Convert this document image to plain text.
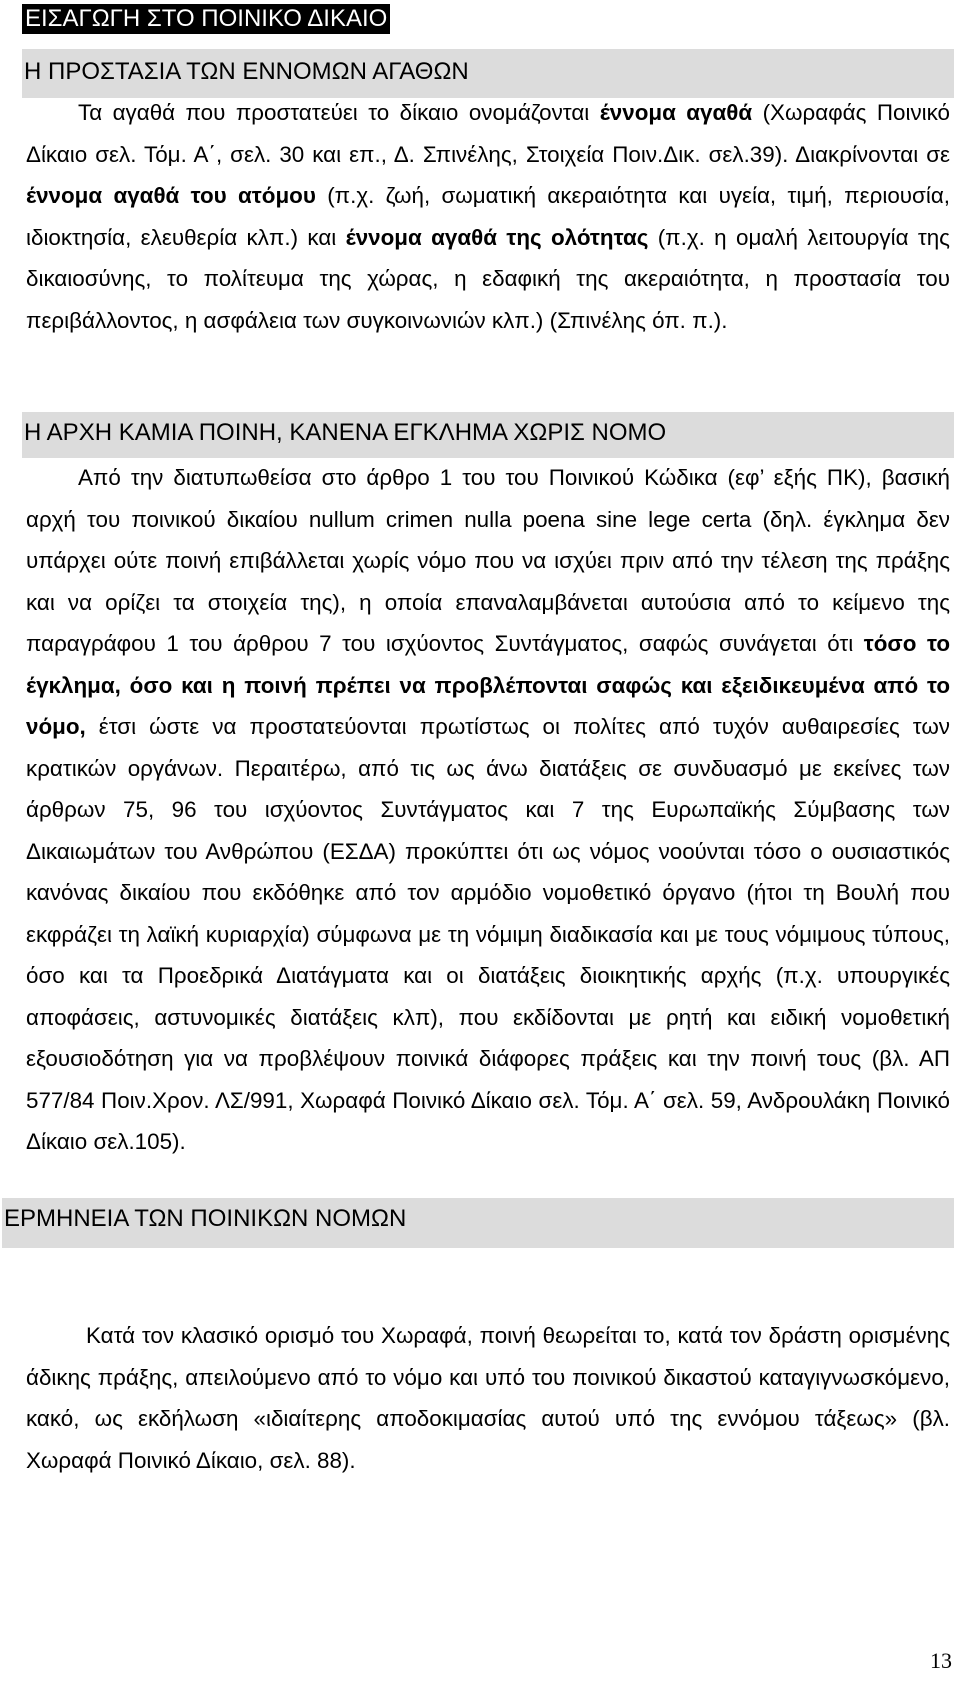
ΕΙΣΑΓΩΓΗ ΣΤΟ ΠΟΙΝΙΚΟ ΔΙΚΑΙΟ
Η ΠΡΟΣΤΑΣΙΑ ΤΩΝ ΕΝΝΟΜΩΝ ΑΓΑΘΩΝ

Τα αγαθά που προστατεύει το δίκαιο ονομάζονται έννομα αγαθά (Χωραφάς Ποινικό Δίκαιο σελ. Τόμ. Α΄, σελ. 30 και επ., Δ. Σπινέλης, Στοιχεία Ποιν.Δικ. σελ.39). Διακρίνονται σε έννομα αγαθά του ατόμου (π.χ. ζωή, σωματική ακεραιότητα και υγεία, τιμή, περιουσία, ιδιοκτησία, ελευθερία κλπ.) και έννομα αγαθά της ολότητας (π.χ. η ομαλή λειτουργία της δικαιοσύνης, το πολίτευμα της χώρας, η εδαφική της ακεραιότητα, η προστασία του περιβάλλοντος, η ασφάλεια των συγκοινωνιών κλπ.) (Σπινέλης όπ. π.).

Η ΑΡΧΗ ΚΑΜΙΑ ΠΟΙΝΗ, ΚΑΝΕΝΑ ΕΓΚΛΗΜΑ ΧΩΡΙΣ ΝΟΜΟ

Από την διατυπωθείσα στο άρθρο 1 του του Ποινικού Κώδικα (εφ’ εξής ΠΚ), βασική αρχή του ποινικού δικαίου nullum crimen nulla poena sine lege certa (δηλ. έγκλημα δεν υπάρχει ούτε ποινή επιβάλλεται χωρίς νόμο που να ισχύει πριν από την τέλεση της πράξης και να ορίζει τα στοιχεία της), η οποία επαναλαμβάνεται αυτούσια από το κείμενο της παραγράφου 1 του άρθρου 7 του ισχύοντος Συντάγματος, σαφώς συνάγεται ότι τόσο το έγκλημα, όσο και η ποινή πρέπει να προβλέπονται σαφώς και εξειδικευμένα από το νόμο, έτσι ώστε να προστατεύονται πρωτίστως οι πολίτες από τυχόν αυθαιρεσίες των κρατικών οργάνων. Περαιτέρω, από τις ως άνω διατάξεις σε συνδυασμό με εκείνες των άρθρων 75, 96 του ισχύοντος Συντάγματος και 7 της Ευρωπαϊκής Σύμβασης των Δικαιωμάτων του Ανθρώπου (ΕΣΔΑ) προκύπτει ότι ως νόμος νοούνται τόσο ο ουσιαστικός κανόνας δικαίου που εκδόθηκε από τον αρμόδιο νομοθετικό όργανο (ήτοι τη Βουλή που εκφράζει τη λαϊκή κυριαρχία) σύμφωνα με τη νόμιμη διαδικασία και με τους νόμιμους τύπους, όσο και τα Προεδρικά Διατάγματα και οι διατάξεις διοικητικής αρχής (π.χ. υπουργικές αποφάσεις, αστυνομικές διατάξεις κλπ), που εκδίδονται με ρητή και ειδική νομοθετική εξουσιοδότηση για να προβλέψουν ποινικά διάφορες πράξεις και την ποινή τους (βλ. ΑΠ 577/84 Ποιν.Χρον. ΛΣ/991, Χωραφά Ποινικό Δίκαιο σελ. Τόμ. Α΄ σελ. 59, Ανδρουλάκη Ποινικό Δίκαιο σελ.105).

Κατά τον κλασικό ορισμό του Χωραφά, ποινή θεωρείται το, κατά τον δράστη ορισμένης άδικης πράξης, απειλούμενο από το νόμο και υπό του ποινικού δικαστού καταγιγνωσκόμενο, κακό, ως εκδήλωση «ιδιαίτερης αποδοκιμασίας αυτού υπό της εννόμου τάξεως» (βλ. Χωραφά Ποινικό Δίκαιο, σελ. 88).

ΕΡΜΗΝΕΙΑ ΤΩΝ ΠΟΙΝΙΚΩΝ ΝΟΜΩΝ
13
